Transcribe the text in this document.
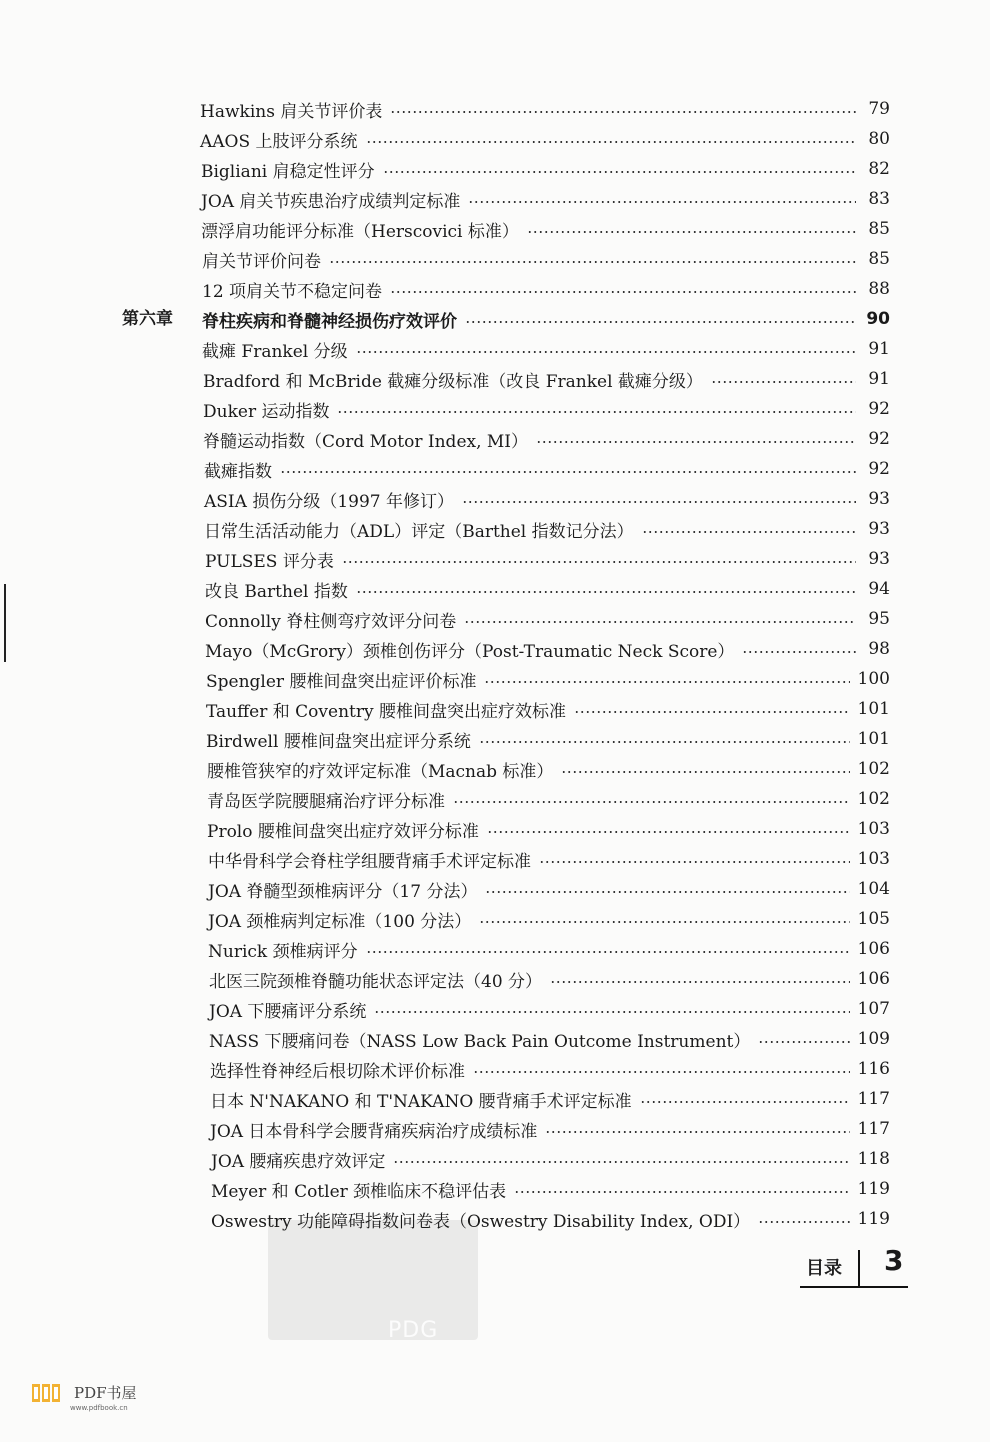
PDG
Hawkins 肩关节评价表	79
AAOS 上肢评分系统	80
Bigliani 肩稳定性评分	82
JOA 肩关节疾患治疗成绩判定标准	83
漂浮肩功能评分标准（Herscovici 标准）	85
肩关节评价问卷	85
12 项肩关节不稳定问卷	88
第六章 脊柱疾病和脊髓神经损伤疗效评价	90
截瘫 Frankel 分级	91
Bradford 和 McBride 截瘫分级标准（改良 Frankel 截瘫分级）	91
Duker 运动指数	92
脊髓运动指数（Cord Motor Index, MI）	92
截瘫指数	92
ASIA 损伤分级（1997 年修订）	93
日常生活活动能力（ADL）评定（Barthel 指数记分法）	93
PULSES 评分表	93
改良 Barthel 指数	94
Connolly 脊柱侧弯疗效评分问卷	95
Mayo（McGrory）颈椎创伤评分（Post-Traumatic Neck Score）	98
Spengler 腰椎间盘突出症评价标准	100
Tauffer 和 Coventry 腰椎间盘突出症疗效标准	101
Birdwell 腰椎间盘突出症评分系统	101
腰椎管狭窄的疗效评定标准（Macnab 标准）	102
青岛医学院腰腿痛治疗评分标准	102
Prolo 腰椎间盘突出症疗效评分标准	103
中华骨科学会脊柱学组腰背痛手术评定标准	103
JOA 脊髓型颈椎病评分（17 分法）	104
JOA 颈椎病判定标准（100 分法）	105
Nurick 颈椎病评分	106
北医三院颈椎脊髓功能状态评定法（40 分）	106
JOA 下腰痛评分系统	107
NASS 下腰痛问卷（NASS Low Back Pain Outcome Instrument）	109
选择性脊神经后根切除术评价标准	116
日本 N'NAKANO 和 T'NAKANO 腰背痛手术评定标准	117
JOA 日本骨科学会腰背痛疾病治疗成绩标准	117
JOA 腰痛疾患疗效评定	118
Meyer 和 Cotler 颈椎临床不稳评估表	119
Oswestry 功能障碍指数问卷表（Oswestry Disability Index, ODI）	119
目录 3
PDF书屋
www.pdfbook.cn
